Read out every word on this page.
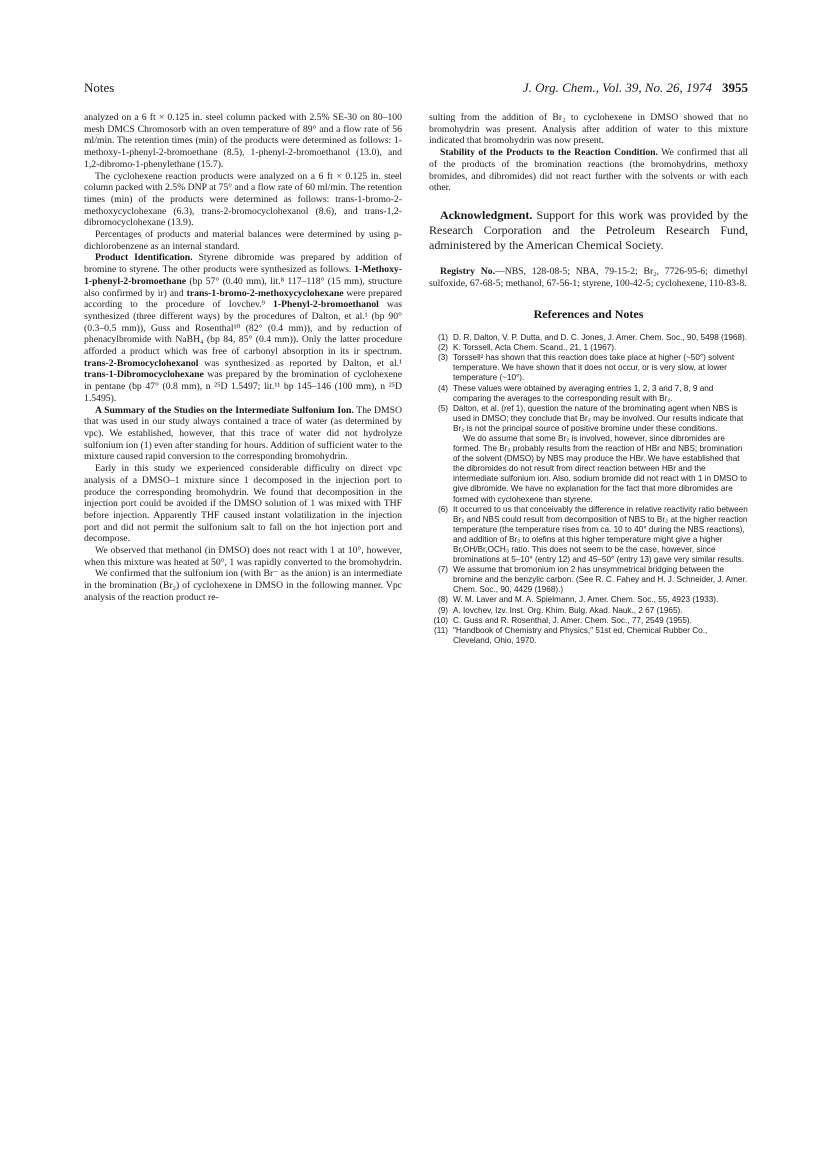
Notes	J. Org. Chem., Vol. 39, No. 26, 1974 3955

analyzed on a 6 ft × 0.125 in. steel column packed with 2.5% SE-30 on 80–100 mesh DMCS Chromosorb with an oven temperature of 89° and a flow rate of 56 ml/min. The retention times (min) of the products were determined as follows: 1-methoxy-1-phenyl-2-bromoethane (8.5), 1-phenyl-2-bromoethanol (13.0), and 1,2-dibromo-1-phenylethane (15.7).

The cyclohexene reaction products were analyzed on a 6 ft × 0.125 in. steel column packed with 2.5% DNP at 75° and a flow rate of 60 ml/min. The retention times (min) of the products were determined as follows: trans-1-bromo-2-methoxycyclohexane (6.3), trans-2-bromocyclohexanol (8.6), and trans-1,2-dibromocyclohexane (13.9).

Percentages of products and material balances were determined by using p-dichlorobenzene as an internal standard.

Product Identification. Styrene dibromide was prepared by addition of bromine to styrene. The other products were synthesized as follows. 1-Methoxy-1-phenyl-2-bromoethane (bp 57° (0.40 mm), lit.⁸ 117–118° (15 mm), structure also confirmed by ir) and trans-1-bromo-2-methoxycyclohexane were prepared according to the procedure of Iovchev.⁹ 1-Phenyl-2-bromoethanol was synthesized (three different ways) by the procedures of Dalton, et al.¹ (bp 90° (0.3–0.5 mm)), Guss and Rosenthal¹⁰ (82° (0.4 mm)), and by reduction of phenacylbromide with NaBH₄ (bp 84, 85° (0.4 mm)). Only the latter procedure afforded a product which was free of carbonyl absorption in its ir spectrum. trans-2-Bromocyclohexanol was synthesized as reported by Dalton, et al.¹ trans-1-Dibromocyclohexane was prepared by the bromination of cyclohexene in pentane (bp 47° (0.8 mm), n ²⁵D 1.5497; lit.¹¹ bp 145–146 (100 mm), n ²⁵D 1.5495).

A Summary of the Studies on the Intermediate Sulfonium Ion. The DMSO that was used in our study always contained a trace of water (as determined by vpc). We established, however, that this trace of water did not hydrolyze sulfonium ion (1) even after standing for hours. Addition of sufficient water to the mixture caused rapid conversion to the corresponding bromohydrin.

Early in this study we experienced considerable difficulty on direct vpc analysis of a DMSO–1 mixture since 1 decomposed in the injection port to produce the corresponding bromohydrin. We found that decomposition in the injection port could be avoided if the DMSO solution of 1 was mixed with THF before injection. Apparently THF caused instant volatilization in the injection port and did not permit the sulfonium salt to fall on the hot injection port and decompose.

We observed that methanol (in DMSO) does not react with 1 at 10°, however, when this mixture was heated at 50°, 1 was rapidly converted to the bromohydrin.

We confirmed that the sulfonium ion (with Br⁻ as the anion) is an intermediate in the bromination (Br₂) of cyclohexene in DMSO in the following manner. Vpc analysis of the reaction product re-

sulting from the addition of Br₂ to cyclohexene in DMSO showed that no bromohydrin was present. Analysis after addition of water to this mixture indicated that bromohydrin was now present.

Stability of the Products to the Reaction Condition. We confirmed that all of the products of the bromination reactions (the bromohydrins, methoxy bromides, and dibromides) did not react further with the solvents or with each other.

Acknowledgment. Support for this work was provided by the Research Corporation and the Petroleum Research Fund, administered by the American Chemical Society.

Registry No.—NBS, 128-08-5; NBA, 79-15-2; Br₂, 7726-95-6; dimethyl sulfoxide, 67-68-5; methanol, 67-56-1; styrene, 100-42-5; cyclohexene, 110-83-8.

References and Notes
(1) D. R. Dalton, V. P. Dutta, and D. C. Jones, J. Amer. Chem. Soc., 90, 5498 (1968).
(2) K. Torssell, Acta Chem. Scand., 21, 1 (1967).
(3) Torssell² has shown that this reaction does take place at higher (~50°) solvent temperature. We have shown that it does not occur, or is very slow, at lower temperature (~10°).
(4) These values were obtained by averaging entries 1, 2, 3 and 7, 8, 9 and comparing the averages to the corresponding result with Br₂.
(5) Dalton, et al. (ref 1), question the nature of the brominating agent when NBS is used in DMSO; they conclude that Br₂ may be involved. Our results indicate that Br₂ is not the principal source of positive bromine under these conditions.

We do assume that some Br₂ is involved, however, since dibromides are formed. The Br₂ probably results from the reaction of HBr and NBS; bromination of the solvent (DMSO) by NBS may produce the HBr. We have established that the dibromides do not result from direct reaction between HBr and the intermediate sulfonium ion. Also, sodium bromide did not react with 1 in DMSO to give dibromide. We have no explanation for the fact that more dibromides are formed with cyclohexene than styrene.

(6) It occurred to us that conceivably the difference in relative reactivity ratio between Br₂ and NBS could result from decomposition of NBS to Br₂ at the higher reaction temperature (the temperature rises from ca. 10 to 40° during the NBS reactions), and addition of Br₂ to olefins at this higher temperature might give a higher Br,OH/Br,OCH₃ ratio. This does not seem to be the case, however, since brominations at 5–10° (entry 12) and 45–50° (entry 13) gave very similar results.
(7) We assume that bromonium ion 2 has unsymmetrical bridging between the bromine and the benzylic carbon. (See R. C. Fahey and H. J. Schneider, J. Amer. Chem. Soc., 90, 4429 (1968).)
(8) W. M. Laver and M. A. Spielmann, J. Amer. Chem. Soc., 55, 4923 (1933).
(9) A. Iovchev, Izv. Inst. Org. Khim. Bulg. Akad. Nauk., 2 67 (1965).
(10) C. Guss and R. Rosenthal, J. Amer. Chem. Soc., 77, 2549 (1955).
(11) "Handbook of Chemistry and Physics," 51st ed, Chemical Rubber Co., Cleveland, Ohio, 1970.
